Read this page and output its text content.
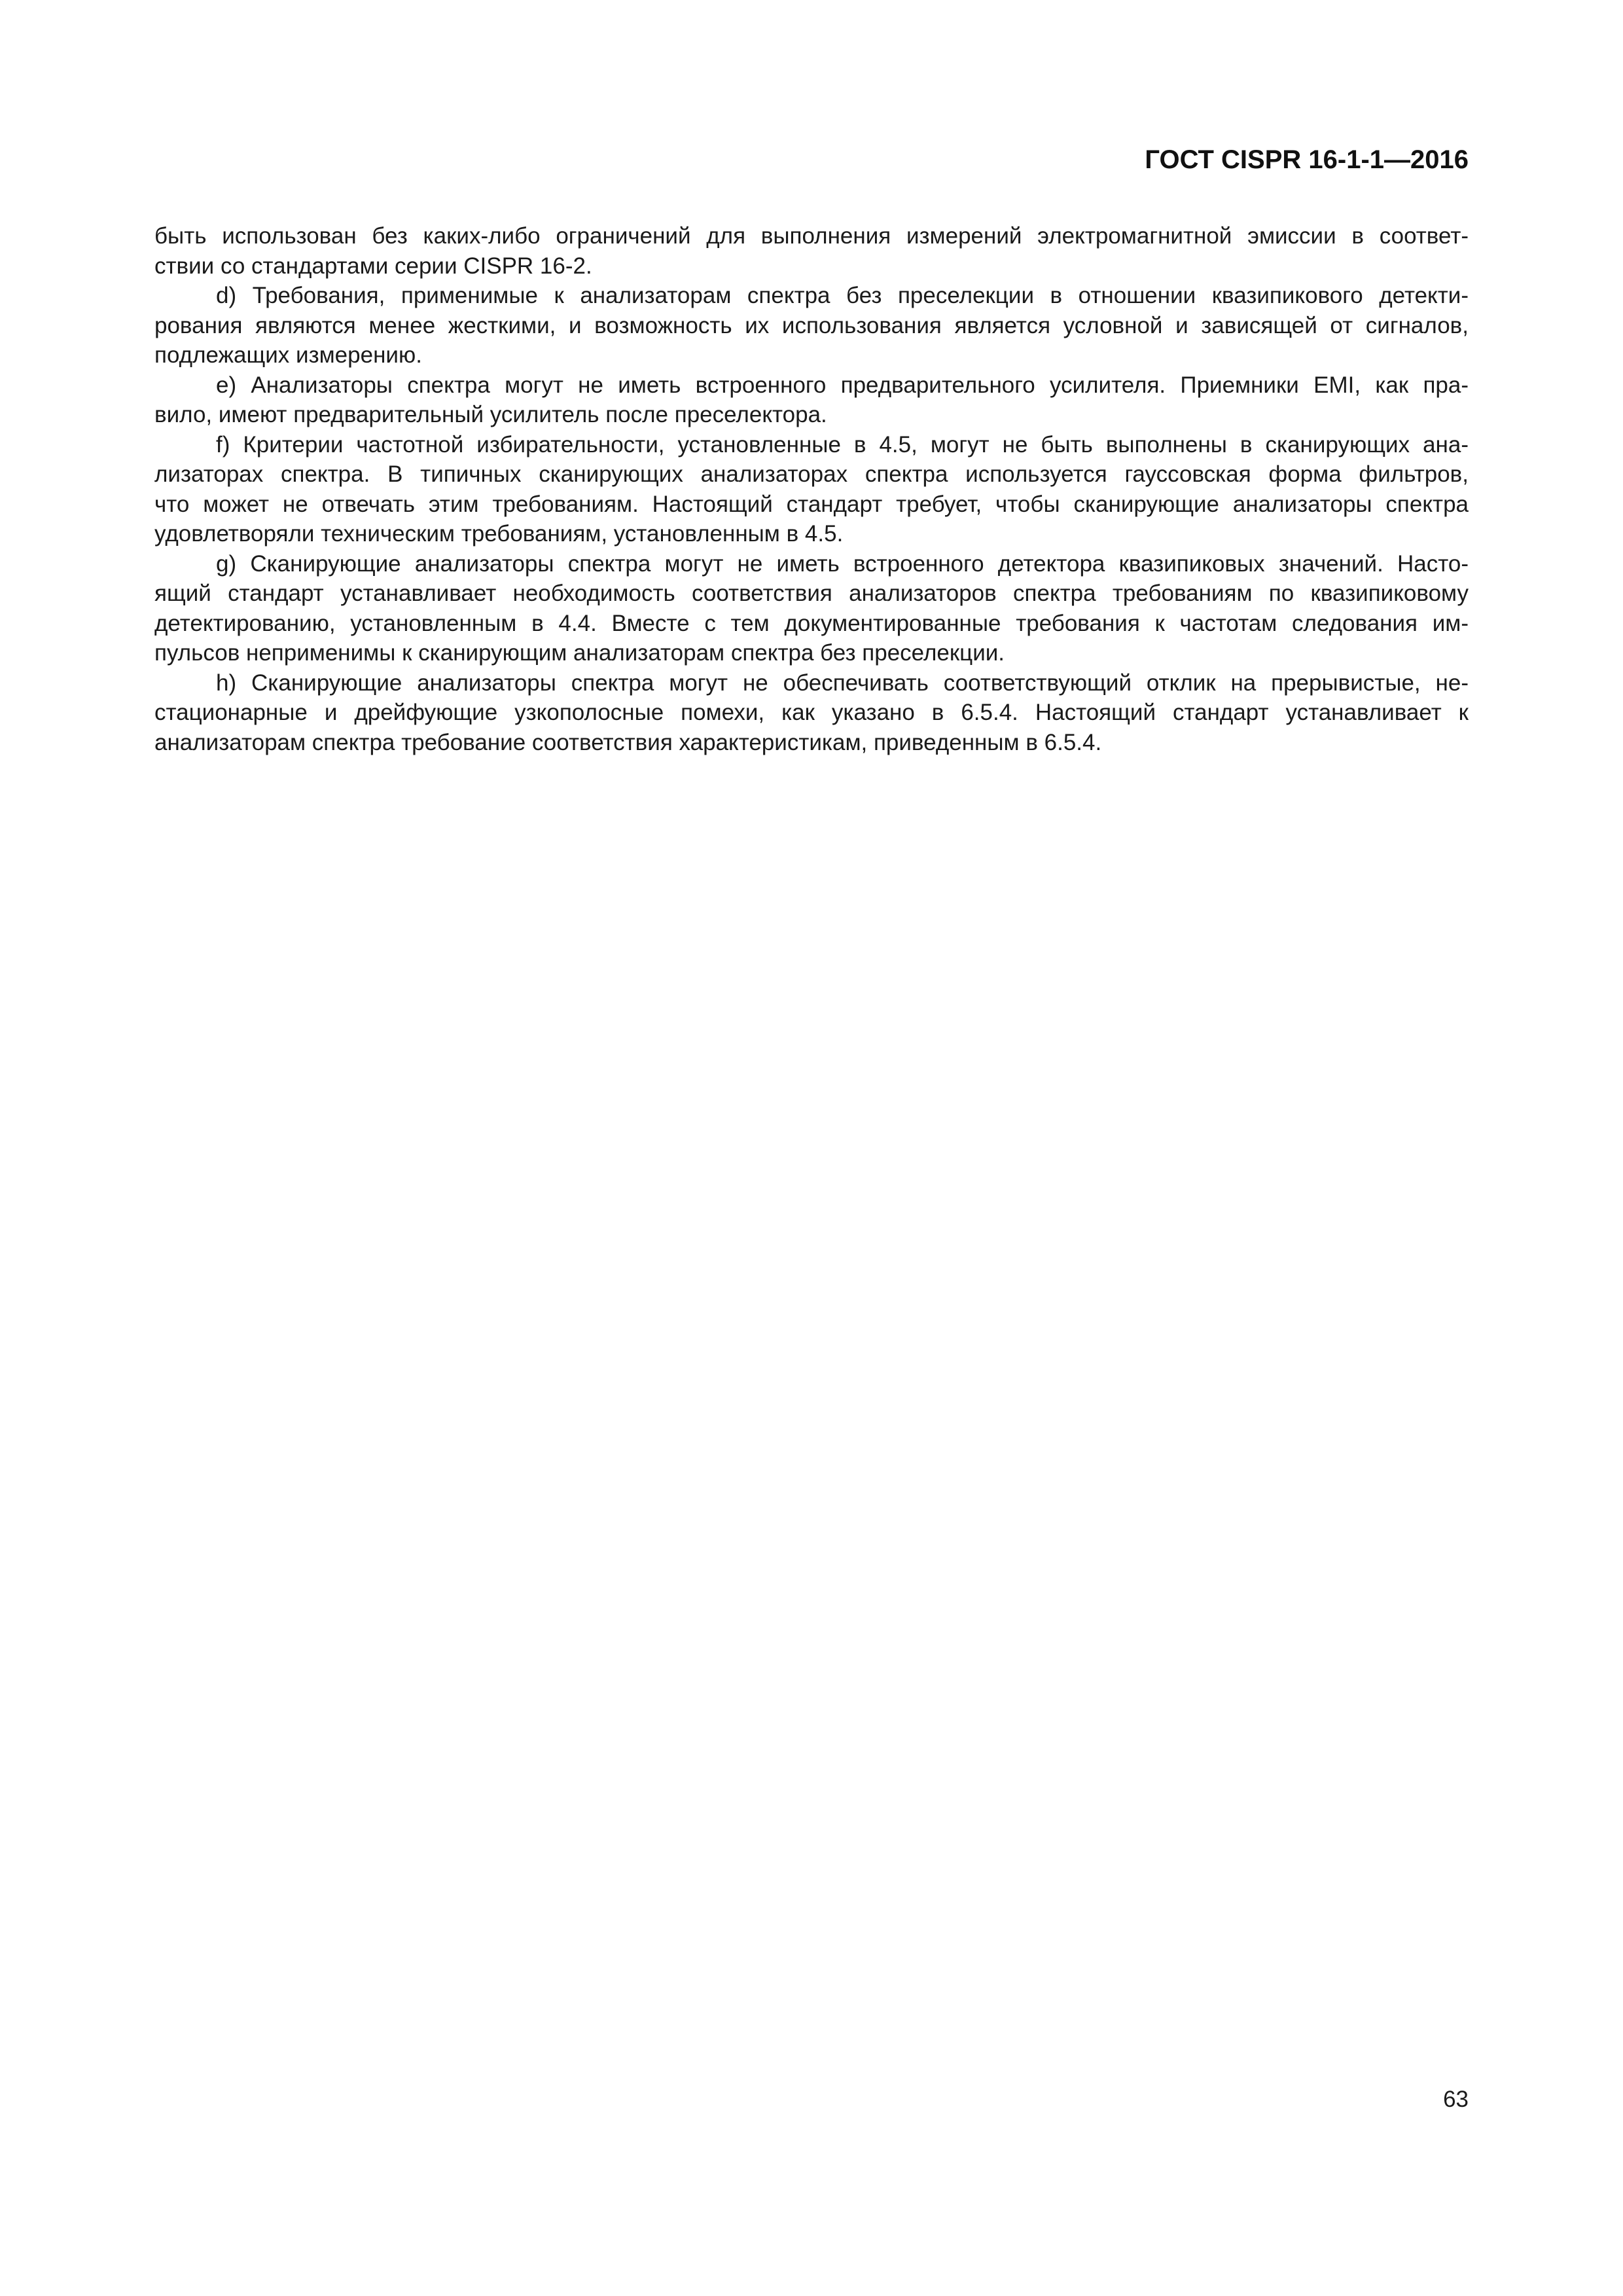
ГОСТ CISPR 16-1-1—2016

быть использован без каких-либо ограничений для выполнения измерений электромагнитной эмиссии в соответ-
ствии со стандартами серии CISPR 16-2.

d) Требования, применимые к анализаторам спектра без преселекции в отношении квазипикового детекти-
рования являются менее жесткими, и возможность их использования является условной и зависящей от сигналов,
подлежащих измерению.

е) Анализаторы спектра могут не иметь встроенного предварительного усилителя. Приемники EMI, как пра-
вило, имеют предварительный усилитель после преселектора.

f) Критерии частотной избирательности, установленные в 4.5, могут не быть выполнены в сканирующих ана-
лизаторах спектра. В типичных сканирующих анализаторах спектра используется гауссовская форма фильтров,
что может не отвечать этим требованиям. Настоящий стандарт требует, чтобы сканирующие анализаторы спектра
удовлетворяли техническим требованиям, установленным в 4.5.

g) Сканирующие анализаторы спектра могут не иметь встроенного детектора квазипиковых значений. Насто-
ящий стандарт устанавливает необходимость соответствия анализаторов спектра требованиям по квазипиковому
детектированию, установленным в 4.4. Вместе с тем документированные требования к частотам следования им-
пульсов неприменимы к сканирующим анализаторам спектра без преселекции.

h) Сканирующие анализаторы спектра могут не обеспечивать соответствующий отклик на прерывистые, не-
стационарные и дрейфующие узкополосные помехи, как указано в 6.5.4. Настоящий стандарт устанавливает к
анализаторам спектра требование соответствия характеристикам, приведенным в 6.5.4.

63
